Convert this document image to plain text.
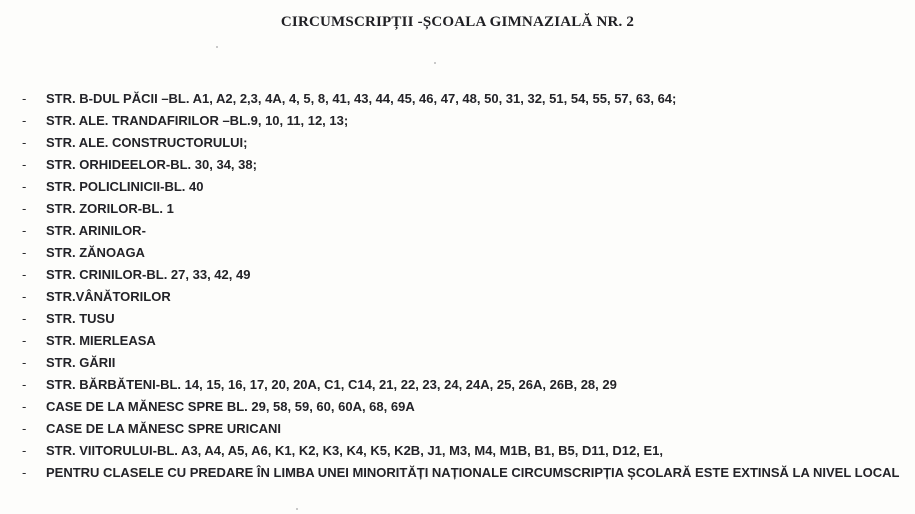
CIRCUMSCRIPȚII -ȘCOALA GIMNAZIALĂ NR. 2
-	STR. B-DUL PĂCII –BL. A1, A2, 2,3, 4A, 4, 5, 8, 41, 43, 44, 45, 46, 47, 48, 50, 31, 32, 51, 54, 55, 57, 63, 64;
-	STR. ALE. TRANDAFIRILOR –BL.9, 10, 11, 12, 13;
-	STR. ALE. CONSTRUCTORULUI;
-	STR. ORHIDEELOR-BL. 30, 34, 38;
-	STR. POLICLINICII-BL. 40
-	STR. ZORILOR-BL. 1
-	STR. ARINILOR-
-	STR. ZĂNOAGA
-	STR. CRINILOR-BL. 27, 33, 42, 49
-	STR.VÂNĂTORILOR
-	STR. TUSU
-	STR. MIERLEASA
-	STR. GĂRII
-	STR. BĂRBĂTENI-BL. 14, 15, 16, 17, 20, 20A, C1, C14, 21, 22, 23, 24, 24A, 25, 26A, 26B, 28, 29
-	CASE DE LA MĂNESC SPRE BL. 29, 58, 59, 60, 60A, 68, 69A
-	CASE DE LA MĂNESC SPRE URICANI
-	STR. VIITORULUI-BL. A3, A4, A5, A6, K1, K2, K3, K4, K5, K2B, J1, M3, M4, M1B, B1, B5, D11, D12, E1,
-	PENTRU CLASELE CU PREDARE ÎN LIMBA UNEI MINORITĂȚI NAȚIONALE CIRCUMSCRIPȚIA ȘCOLARĂ ESTE EXTINSĂ LA NIVEL LOCAL
